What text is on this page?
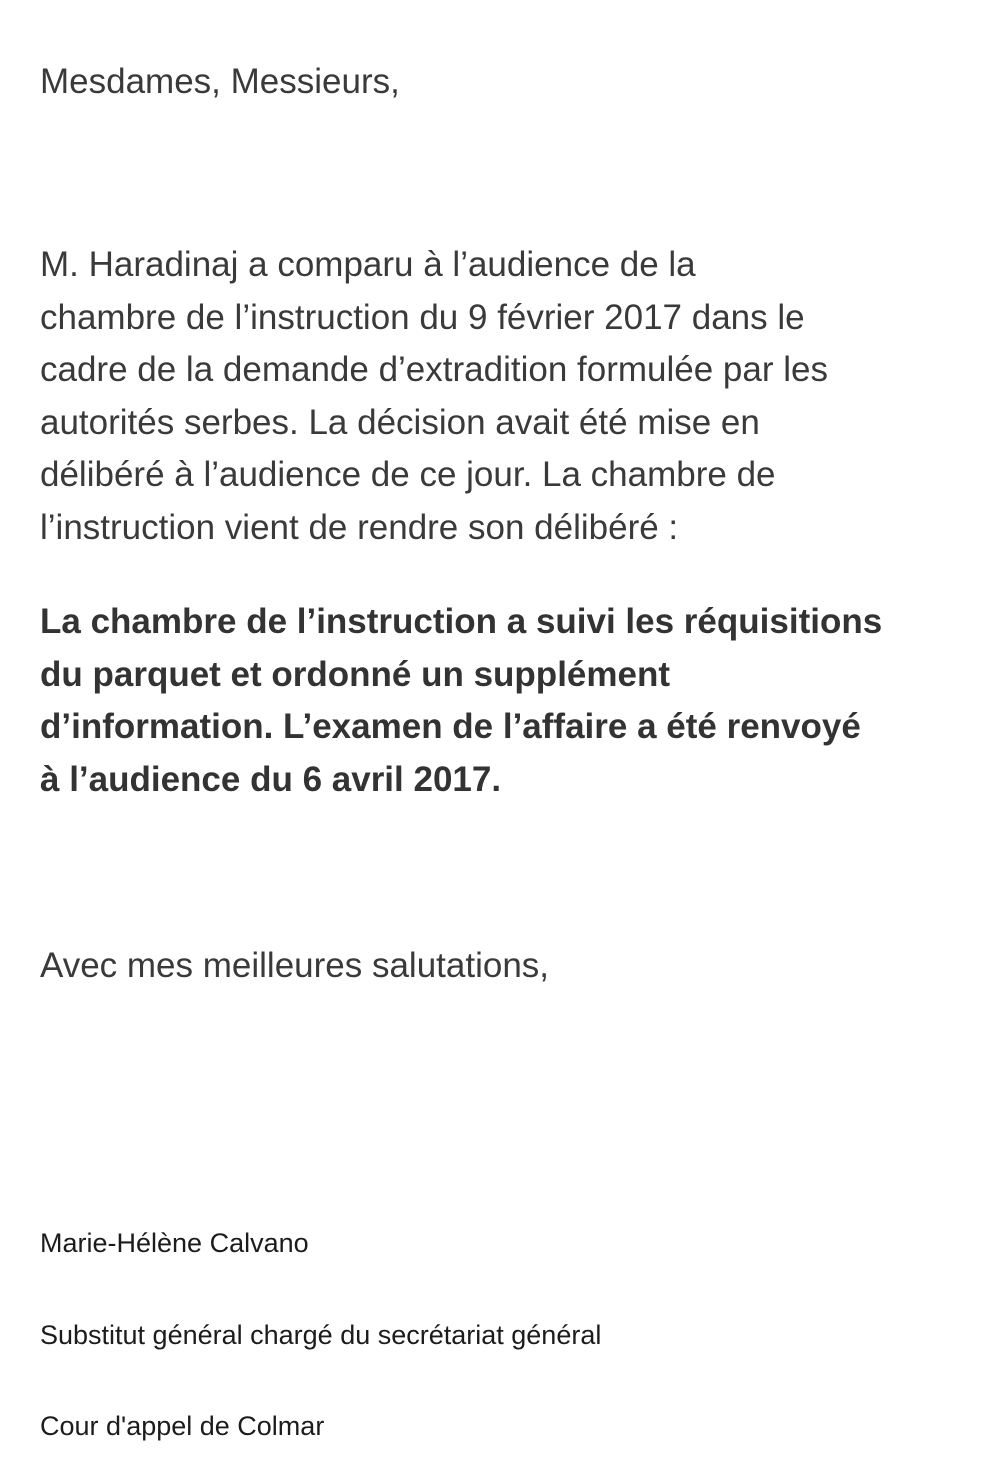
Mesdames, Messieurs,

M. Haradinaj a comparu à l’audience de la
chambre de l’instruction du 9 février 2017 dans le
cadre de la demande d’extradition formulée par les
autorités serbes. La décision avait été mise en
délibéré à l’audience de ce jour. La chambre de
l’instruction vient de rendre son délibéré :

La chambre de l’instruction a suivi les réquisitions
du parquet et ordonné un supplément
d’information. L’examen de l’affaire a été renvoyé
à l’audience du 6 avril 2017.

Avec mes meilleures salutations,

Marie-Hélène Calvano

Substitut général chargé du secrétariat général

Cour d'appel de Colmar
